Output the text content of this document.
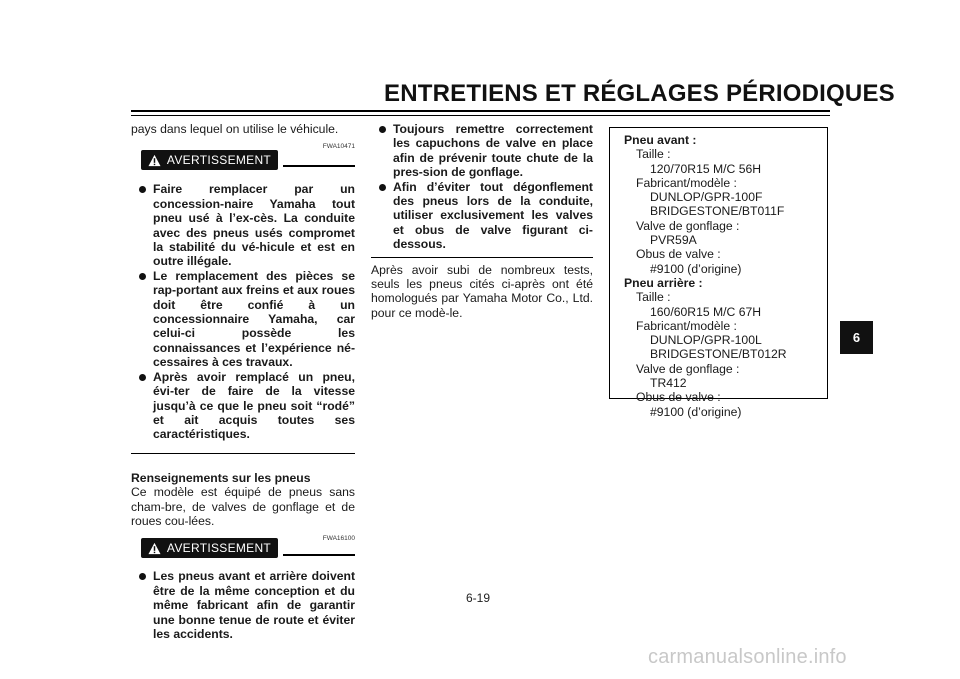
ENTRETIENS ET RÉGLAGES PÉRIODIQUES

pays dans lequel on utilise le véhicule.

FWA10471
AVERTISSEMENT
Faire remplacer par un concession-naire Yamaha tout pneu usé à l’ex-cès. La conduite avec des pneus usés compromet la stabilité du vé-hicule et est en outre illégale.
Le remplacement des pièces se rap-portant aux freins et aux roues doit être confié à un concessionnaire Yamaha, car celui-ci possède les connaissances et l’expérience né-cessaires à ces travaux.
Après avoir remplacé un pneu, évi-ter de faire de la vitesse jusqu’à ce que le pneu soit “rodé” et ait acquis toutes ses caractéristiques.

Renseignements sur les pneus

Ce modèle est équipé de pneus sans cham-bre, de valves de gonflage et de roues cou-lées.

FWA16100
AVERTISSEMENT
Les pneus avant et arrière doivent être de la même conception et du même fabricant afin de garantir une bonne tenue de route et éviter les accidents.
Toujours remettre correctement les capuchons de valve en place afin de prévenir toute chute de la pres-sion de gonflage.
Afin d’éviter tout dégonflement des pneus lors de la conduite, utiliser exclusivement les valves et obus de valve figurant ci-dessous.

Après avoir subi de nombreux tests, seuls les pneus cités ci-après ont été homologués par Yamaha Motor Co., Ltd. pour ce modè-le.

Pneu avant :
Taille :
120/70R15 M/C 56H
Fabricant/modèle :
DUNLOP/GPR-100F
BRIDGESTONE/BT011F
Valve de gonflage :
PVR59A
Obus de valve :
#9100 (d’origine)
Pneu arrière :
Taille :
160/60R15 M/C 67H
Fabricant/modèle :
DUNLOP/GPR-100L
BRIDGESTONE/BT012R
Valve de gonflage :
TR412
Obus de valve :
#9100 (d’origine)
6
6-19
carmanualsonline.info
